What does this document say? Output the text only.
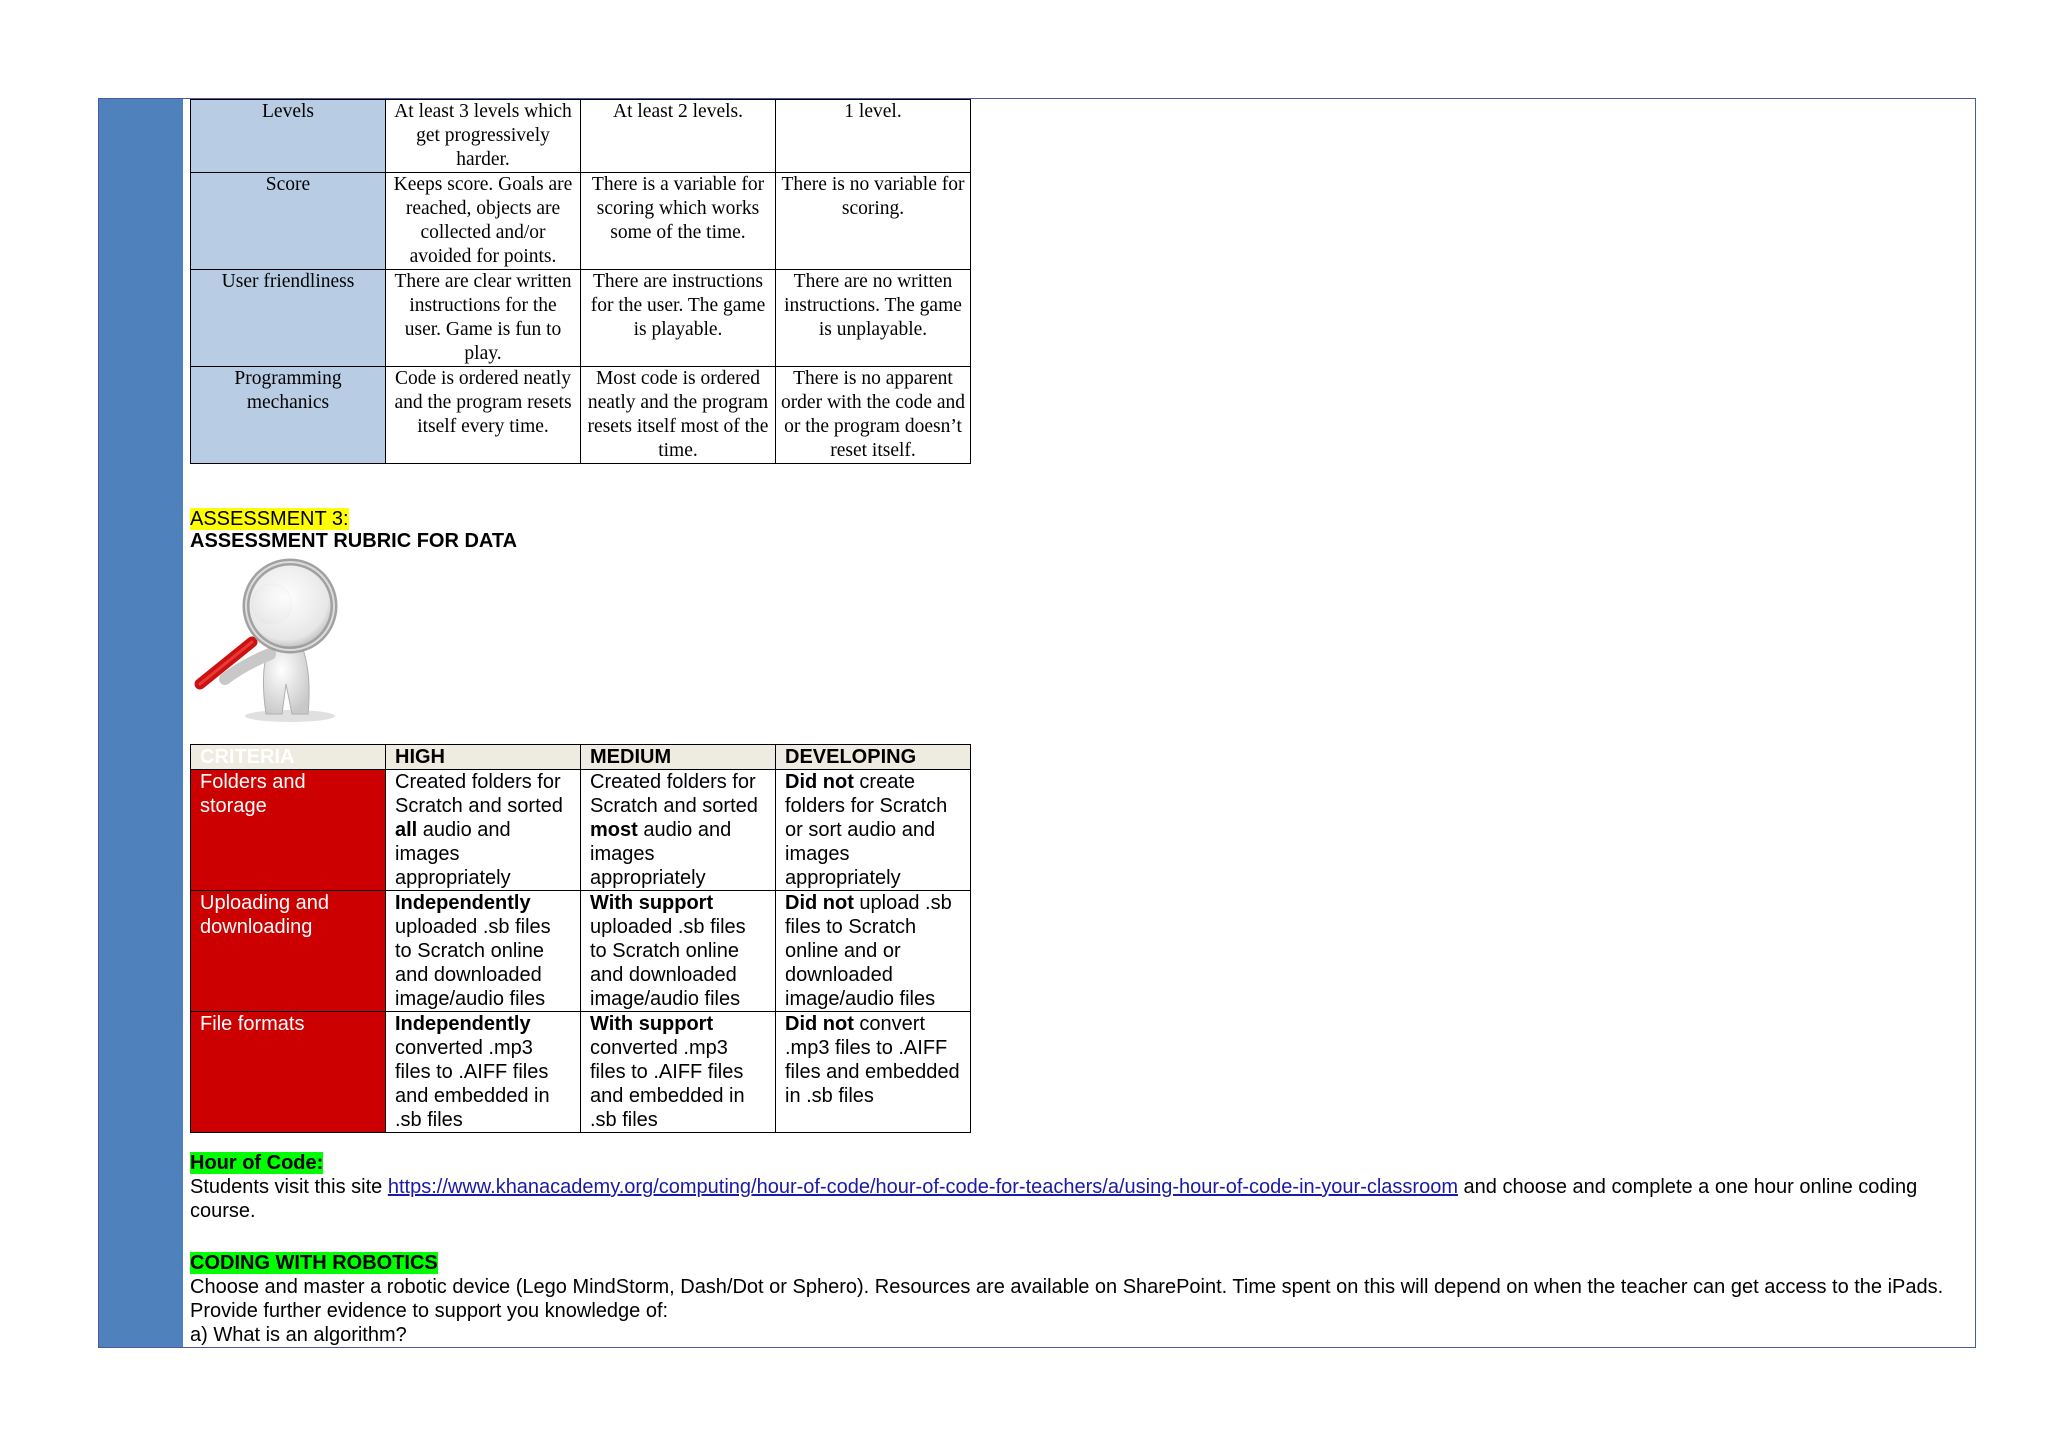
Levels	At least 3 levels which get progressively harder.	At least 2 levels.	1 level.
Score	Keeps score. Goals are reached, objects are collected and/or avoided for points.	There is a variable for scoring which works some of the time.	There is no variable for scoring.
User friendliness	There are clear written instructions for the user. Game is fun to play.	There are instructions for the user. The game is playable.	There are no written instructions. The game is unplayable.
Programming mechanics	Code is ordered neatly and the program resets itself every time.	Most code is ordered neatly and the program resets itself most of the time.	There is no apparent order with the code and or the program doesn’t reset itself.
ASSESSMENT 3:
ASSESSMENT RUBRIC FOR DATA
CRITERIA	HIGH	MEDIUM	DEVELOPING
Folders and storage	Created folders for Scratch and sorted all audio and images appropriately	Created folders for Scratch and sorted most audio and images appropriately	Did not create folders for Scratch or sort audio and images appropriately
Uploading and downloading	Independently uploaded .sb files to Scratch online and downloaded image/audio files	With support uploaded .sb files to Scratch online and downloaded image/audio files	Did not upload .sb files to Scratch online and or downloaded image/audio files
File formats	Independently converted .mp3 files to .AIFF files and embedded in .sb files	With support converted .mp3 files to .AIFF files and embedded in .sb files	Did not convert .mp3 files to .AIFF files and embedded in .sb files
Hour of Code:
Students visit this site https://www.khanacademy.org/computing/hour-of-code/hour-of-code-for-teachers/a/using-hour-of-code-in-your-classroom and choose and complete a one hour online coding course.
CODING WITH ROBOTICS
Choose and master a robotic device (Lego MindStorm, Dash/Dot or Sphero). Resources are available on SharePoint. Time spent on this will depend on when the teacher can get access to the iPads. Provide further evidence to support you knowledge of:
a) What is an algorithm?
